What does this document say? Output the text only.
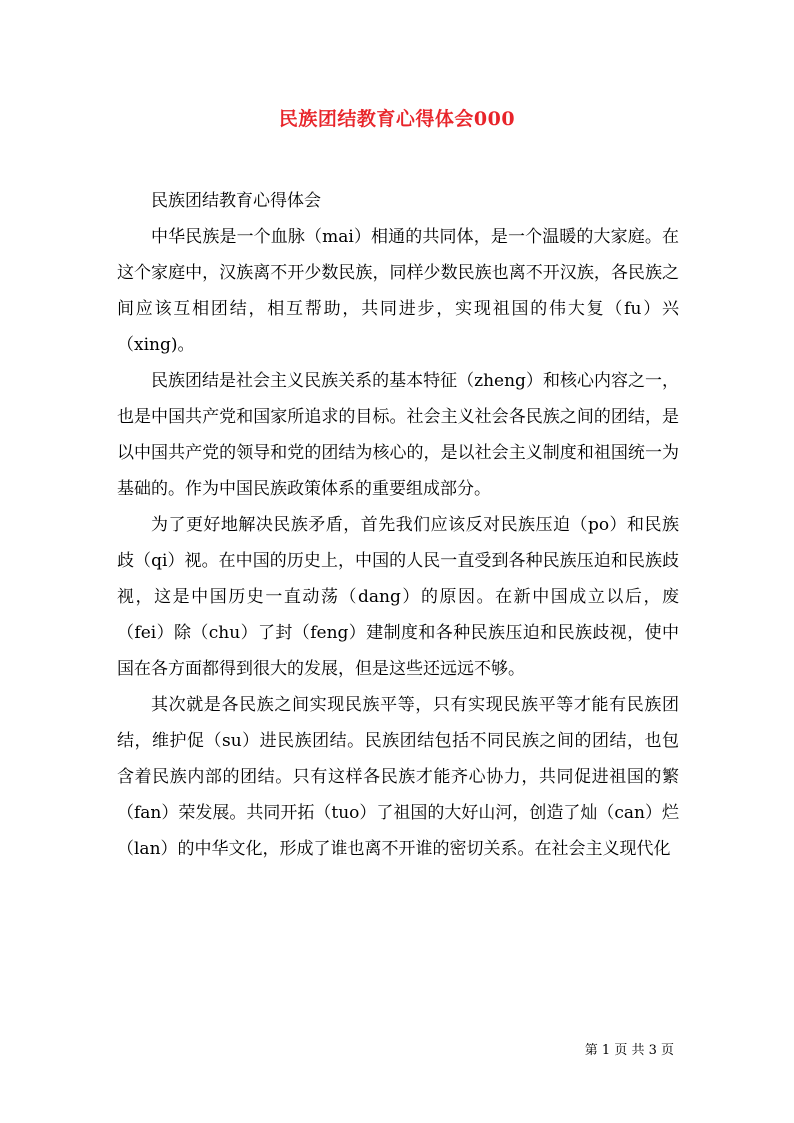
民族团结教育心得体会000

民族团结教育心得体会

中华民族是一个血脉（mai）相通的共同体，是一个温暖的大家庭。在这个家庭中，汉族离不开少数民族，同样少数民族也离不开汉族，各民族之间应该互相团结，相互帮助，共同进步，实现祖国的伟大复（fu）兴（xing)。

民族团结是社会主义民族关系的基本特征（zheng）和核心内容之一，也是中国共产党和国家所追求的目标。社会主义社会各民族之间的团结，是以中国共产党的领导和党的团结为核心的，是以社会主义制度和祖国统一为基础的。作为中国民族政策体系的重要组成部分。

为了更好地解决民族矛盾，首先我们应该反对民族压迫（po）和民族歧（qi）视。在中国的历史上，中国的人民一直受到各种民族压迫和民族歧视，这是中国历史一直动荡（dang）的原因。在新中国成立以后，废（fei）除（chu）了封（feng）建制度和各种民族压迫和民族歧视，使中国在各方面都得到很大的发展，但是这些还远远不够。

其次就是各民族之间实现民族平等，只有实现民族平等才能有民族团结，维护促（su）进民族团结。民族团结包括不同民族之间的团结，也包含着民族内部的团结。只有这样各民族才能齐心协力，共同促进祖国的繁（fan）荣发展。共同开拓（tuo）了祖国的大好山河，创造了灿（can）烂（lan）的中华文化，形成了谁也离不开谁的密切关系。在社会主义现代化

第 1 页 共 3 页
